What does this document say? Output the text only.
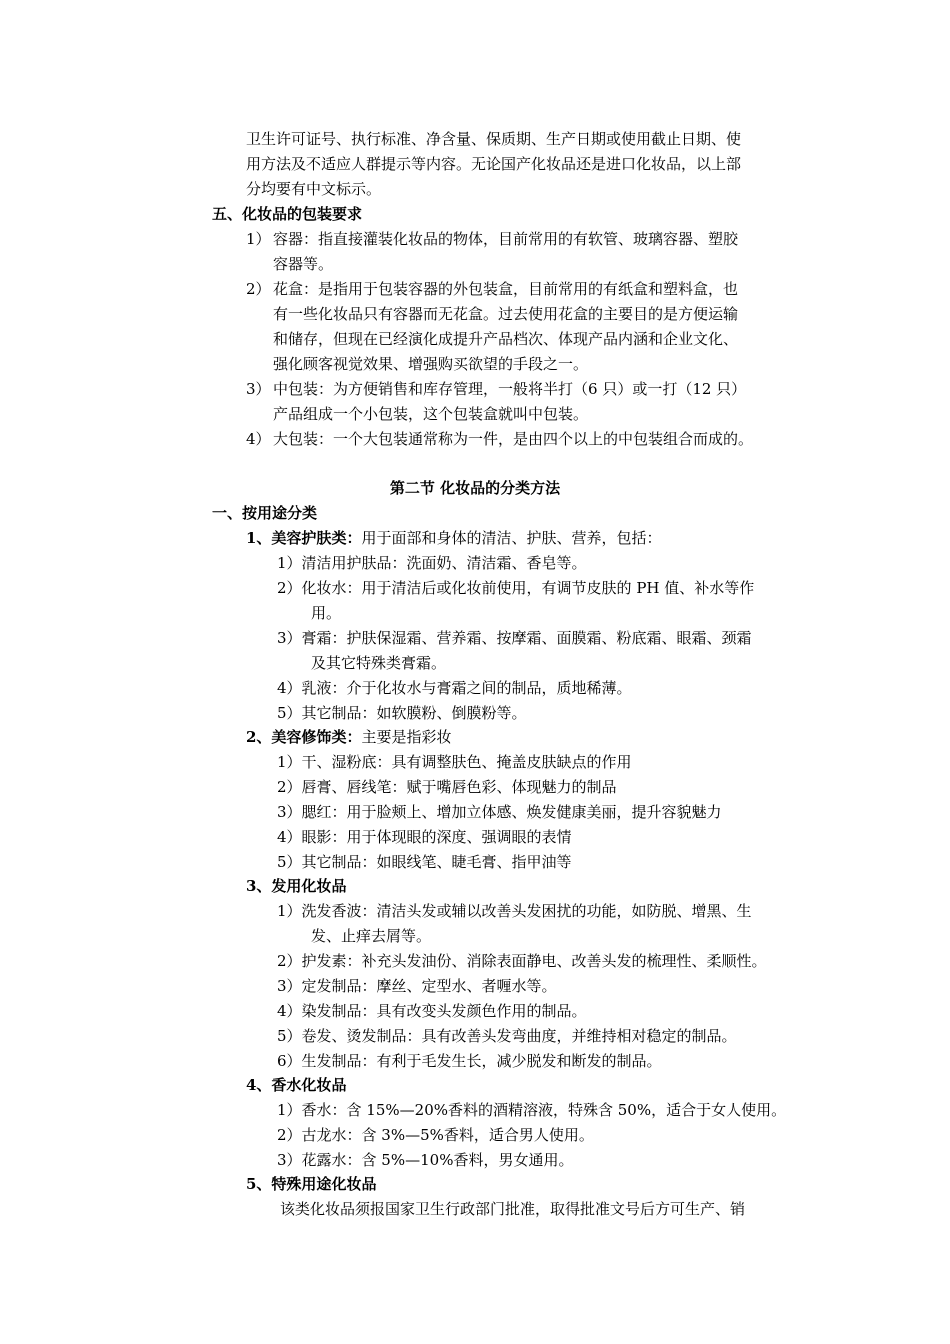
卫生许可证号、执行标准、净含量、保质期、生产日期或使用截止日期、使
用方法及不适应人群提示等内容。无论国产化妆品还是进口化妆品，以上部
分均要有中文标示。
五、化妆品的包装要求
1） 容器：指直接灌装化妆品的物体，目前常用的有软管、玻璃容器、塑胶
容器等。
2） 花盒：是指用于包装容器的外包装盒，目前常用的有纸盒和塑料盒，也
有一些化妆品只有容器而无花盒。过去使用花盒的主要目的是方便运输
和储存，但现在已经演化成提升产品档次、体现产品内涵和企业文化、
强化顾客视觉效果、增强购买欲望的手段之一。
3） 中包装：为方便销售和库存管理，一般将半打（6 只）或一打（12 只）
产品组成一个小包装，这个包装盒就叫中包装。
4） 大包装：一个大包装通常称为一件，是由四个以上的中包装组合而成的。
第二节 化妆品的分类方法
一、按用途分类
1、美容护肤类：用于面部和身体的清洁、护肤、营养，包括：
1）清洁用护肤品：洗面奶、清洁霜、香皂等。
2）化妆水：用于清洁后或化妆前使用，有调节皮肤的 PH 值、补水等作
用。
3）膏霜：护肤保湿霜、营养霜、按摩霜、面膜霜、粉底霜、眼霜、颈霜
及其它特殊类膏霜。
4）乳液：介于化妆水与膏霜之间的制品，质地稀薄。
5）其它制品：如软膜粉、倒膜粉等。
2、美容修饰类：主要是指彩妆
1）干、湿粉底：具有调整肤色、掩盖皮肤缺点的作用
2）唇膏、唇线笔：赋于嘴唇色彩、体现魅力的制品
3）腮红：用于脸颊上、增加立体感、焕发健康美丽，提升容貌魅力
4）眼影：用于体现眼的深度、强调眼的表情
5）其它制品：如眼线笔、睫毛膏、指甲油等
3、发用化妆品
1）洗发香波：清洁头发或辅以改善头发困扰的功能，如防脱、增黑、生
发、止痒去屑等。
2）护发素：补充头发油份、消除表面静电、改善头发的梳理性、柔顺性。
3）定发制品：摩丝、定型水、者喱水等。
4）染发制品：具有改变头发颜色作用的制品。
5）卷发、烫发制品：具有改善头发弯曲度，并维持相对稳定的制品。
6）生发制品：有利于毛发生长，减少脱发和断发的制品。
4、香水化妆品
1）香水：含 15%—20%香料的酒精溶液，特殊含 50%，适合于女人使用。
2）古龙水：含 3%—5%香料，适合男人使用。
3）花露水：含 5%—10%香料，男女通用。
5、特殊用途化妆品
该类化妆品须报国家卫生行政部门批准，取得批准文号后方可生产、销
